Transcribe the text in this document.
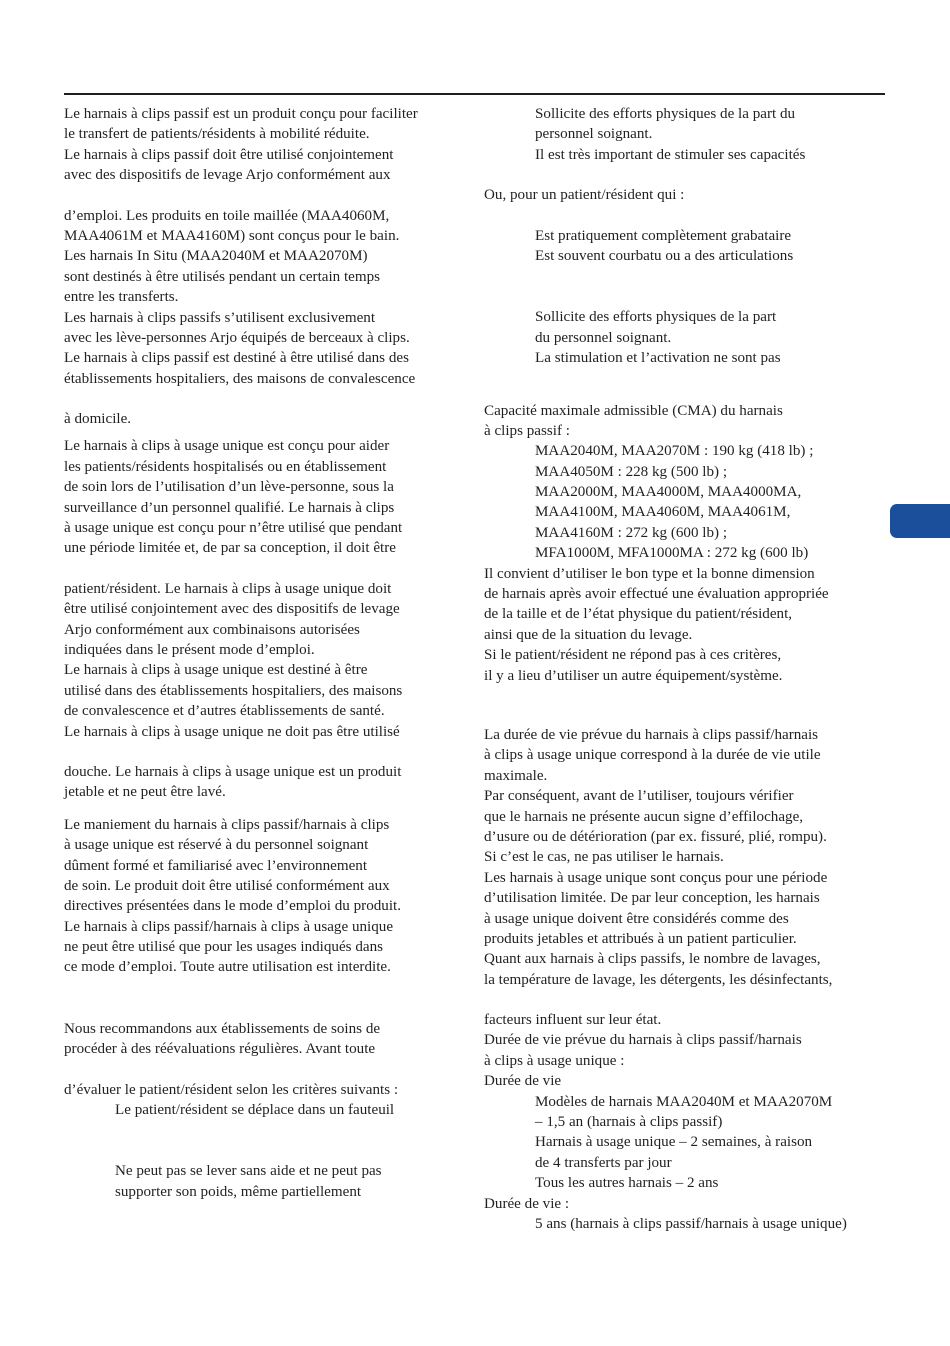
Le harnais à clips passif est un produit conçu pour faciliter
le transfert de patients/résidents à mobilité réduite.
Le harnais à clips passif doit être utilisé conjointement
avec des dispositifs de levage Arjo conformément aux
d’emploi. Les produits en toile maillée (MAA4060M,
MAA4061M et MAA4160M) sont conçus pour le bain.
Les harnais In Situ (MAA2040M et MAA2070M)
sont destinés à être utilisés pendant un certain temps
entre les transferts.
Les harnais à clips passifs s’utilisent exclusivement
avec les lève-personnes Arjo équipés de berceaux à clips.
Le harnais à clips passif est destiné à être utilisé dans des
établissements hospitaliers, des maisons de convalescence
à domicile.
Le harnais à clips à usage unique est conçu pour aider
les patients/résidents hospitalisés ou en établissement
de soin lors de l’utilisation d’un lève-personne, sous la
surveillance d’un personnel qualifié. Le harnais à clips
à usage unique est conçu pour n’être utilisé que pendant
une période limitée et, de par sa conception, il doit être
patient/résident. Le harnais à clips à usage unique doit
être utilisé conjointement avec des dispositifs de levage
Arjo conformément aux combinaisons autorisées
indiquées dans le présent mode d’emploi.
Le harnais à clips à usage unique est destiné à être
utilisé dans des établissements hospitaliers, des maisons
de convalescence et d’autres établissements de santé.
Le harnais à clips à usage unique ne doit pas être utilisé
douche. Le harnais à clips à usage unique est un produit
jetable et ne peut être lavé.
Le maniement du harnais à clips passif/harnais à clips
à usage unique est réservé à du personnel soignant
dûment formé et familiarisé avec l’environnement
de soin. Le produit doit être utilisé conformément aux
directives présentées dans le mode d’emploi du produit.
Le harnais à clips passif/harnais à clips à usage unique
ne peut être utilisé que pour les usages indiqués dans
ce mode d’emploi. Toute autre utilisation est interdite.
Nous recommandons aux établissements de soins de
procéder à des réévaluations régulières. Avant toute
d’évaluer le patient/résident selon les critères suivants :
Le patient/résident se déplace dans un fauteuil
Ne peut pas se lever sans aide et ne peut pas
supporter son poids, même partiellement
Sollicite des efforts physiques de la part du
personnel soignant.
Il est très important de stimuler ses capacités
Ou, pour un patient/résident qui :
Est pratiquement complètement grabataire
Est souvent courbatu ou a des articulations
Sollicite des efforts physiques de la part
du personnel soignant.
La stimulation et l’activation ne sont pas
Capacité maximale admissible (CMA) du harnais
à clips passif :
MAA2040M, MAA2070M : 190 kg (418 lb) ;
MAA4050M : 228 kg (500 lb) ;
MAA2000M, MAA4000M, MAA4000MA,
MAA4100M, MAA4060M, MAA4061M,
MAA4160M : 272 kg (600 lb) ;
MFA1000M, MFA1000MA : 272 kg (600 lb)
Il convient d’utiliser le bon type et la bonne dimension
de harnais après avoir effectué une évaluation appropriée
de la taille et de l’état physique du patient/résident,
ainsi que de la situation du levage.
Si le patient/résident ne répond pas à ces critères,
il y a lieu d’utiliser un autre équipement/système.
La durée de vie prévue du harnais à clips passif/harnais
à clips à usage unique correspond à la durée de vie utile
maximale.
Par conséquent, avant de l’utiliser, toujours vérifier
que le harnais ne présente aucun signe d’effilochage,
d’usure ou de détérioration (par ex. fissuré, plié, rompu).
Si c’est le cas, ne pas utiliser le harnais.
Les harnais à usage unique sont conçus pour une période
d’utilisation limitée. De par leur conception, les harnais
à usage unique doivent être considérés comme des
produits jetables et attribués à un patient particulier.
Quant aux harnais à clips passifs, le nombre de lavages,
la température de lavage, les détergents, les désinfectants,
facteurs influent sur leur état.
Durée de vie prévue du harnais à clips passif/harnais
à clips à usage unique :
Durée de vie
Modèles de harnais MAA2040M et MAA2070M
– 1,5 an (harnais à clips passif)
Harnais à usage unique – 2 semaines, à raison
de 4 transferts par jour
Tous les autres harnais – 2 ans
Durée de vie :
5 ans (harnais à clips passif/harnais à usage unique)
